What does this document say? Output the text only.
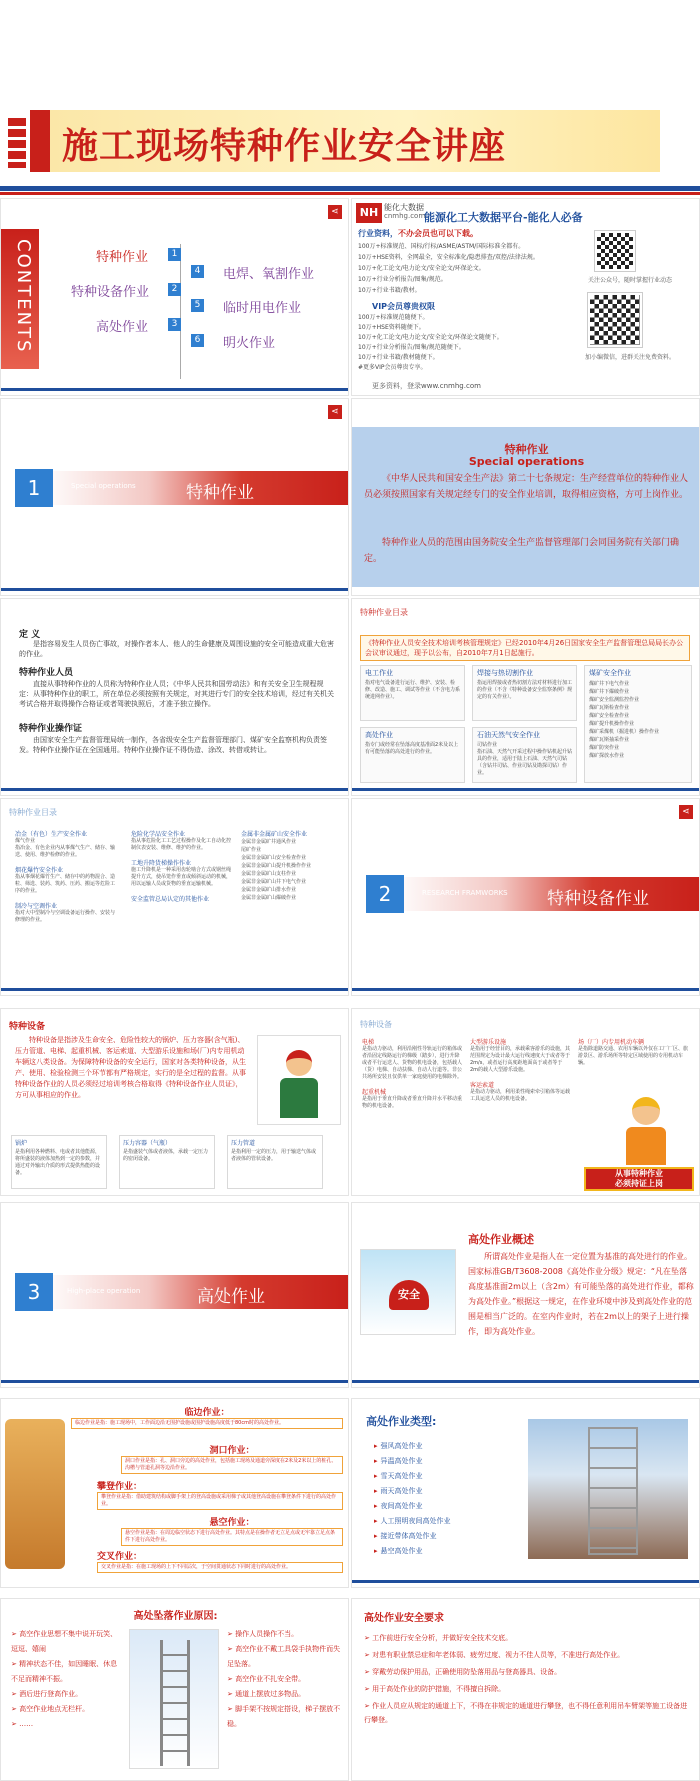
施工现场特种作业安全讲座
⋖
CONTENTS	特种作业	1
特种设备作业	2
高处作业	3
4 电焊、氧割作业
5 临时用电作业
6 明火作业
NH 能化大数据
cnmhg.com
能源化工大数据平台-能化人必备
行业资料，不办会员也可以下载。
100万+标准规范、国标/行标/ASME/ASTM/国际标准全都有。
10万+HSE资料，全网最全，安全标准化/隐患排查/双控/法律法规。
10万+化工论文/电力论文/安全论文/环保论文。
10万+行业分析报告/图集/规范。
10万+行业书籍/教材。
VIP会员尊贵权限
100万+标准规范随便下。
10万+HSE资料随便下。
10万+化工论文/电力论文/安全论文/环保论文随便下。
10万+行业分析报告/图集/规范随便下。
10万+行业书籍/教材随便下。
#更多VIP会员尊贵专享。
关注公众号，随时掌握行业动态
加小编微信，进群关注免费资料。
更多资料，登录www.cnmhg.com
⋖
1	Special operations	特种作业
特种作业
Special operations
《中华人民共和国安全生产法》第二十七条规定：生产经营单位的特种作业人员必须按照国家有关规定经专门的安全作业培训，取得相应资格，方可上岗作业。
特种作业人员的范围由国务院安全生产监督管理部门会同国务院有关部门确定。
定 义
是指容易发生人员伤亡事故，对操作者本人、他人的生命健康及周围设施的安全可能造成重大危害的作业。
特种作业人员
直接从事特种作业的人员称为特种作业人员；《中华人民共和国劳动法》和有关安全卫生规程规定：从事特种作业的职工，所在单位必须按照有关规定，对其进行专门的安全技术培训，经过有关机关考试合格并取得操作合格证或者驾驶执照后，才准予独立操作。
特种作业操作证
由国家安全生产监督管理局统一制作，各省级安全生产监督管理部门、煤矿安全监察机构负责签发。特种作业操作证在全国通用。特种作业操作证不得伪造、涂改、转借或转让。
特种作业目录
《特种作业人员安全技术培训考核管理规定》已经2010年4月26日国家安全生产监督管理总局局长办公会议审议通过，现予以公布，自2010年7月1日起施行。
电工作业
指对电气设备进行运行、维护、安装、检修、改造、施工、调试等作业（不含电力系统进网作业）。
焊接与热切割作业
指运用焊接或者热切割方法对材料进行加工的作业（不含《特种设备安全监察条例》规定的有关作业）。
煤矿安全作业
煤矿井下电气作业
煤矿井下爆破作业
煤矿安全监测监控作业
煤矿瓦斯检查作业
煤矿安全检查作业
煤矿提升机操作作业
煤矿采煤机（掘进机）操作作业
煤矿瓦斯抽采作业
煤矿防突作业
煤矿探放水作业
高处作业
指专门或经常在坠落高度基准面2米及以上有可能坠落的高处进行的作业。
石油天然气安全作业
司钻作业
指石油、天然气开采过程中操作钻机起升钻具的作业，适用于陆上石油、天然气司钻（含钻井司钻、作业司钻及勘探司钻）作业。
特种作业目录
冶金（有色）生产安全作业
煤气作业
指冶金、有色企业内从事煤气生产、储存、输送、使用、维护检修的作业。
烟花爆竹安全作业
指从事烟花爆竹生产、储存中的药物混合、造粒、筛选、装药、筑药、压药、搬运等危险工序的作业。
制冷与空调作业
指对大中型制冷与空调设备运行操作、安装与修理的作业。
危险化学品安全作业
指从事危险化工工艺过程操作及化工自动化控制仪表安装、维修、维护的作业。
工地升降货梯操作作业
施工升降机是一种采用齿轮啮合方式或钢丝绳提升方式，使吊笼作垂直或倾斜运动的机械，用以运输人员或货物的垂直运输机械。
安全监管总局认定的其他作业
金属非金属矿山安全作业
金属非金属矿井通风作业
尾矿作业
金属非金属矿山安全检查作业
金属非金属矿山提升机操作作业
金属非金属矿山支柱作业
金属非金属矿山井下电气作业
金属非金属矿山排水作业
金属非金属矿山爆破作业
⋖
2	RESEARCH FRAMWORKS 特种设备作业
特种设备
特种设备是指涉及生命安全、危险性较大的锅炉、压力容器(含气瓶)、压力管道、电梯、起重机械、客运索道、大型游乐设施和场(厂)内专用机动车辆这八类设备。为保障特种设备的安全运行，国家对各类特种设备，从生产、使用、检验检测三个环节都有严格规定，实行的是全过程的监督。从事特种设备作业的人员必须经过培训考核合格取得《特种设备作业人员证》，方可从事相应的作业。
锅炉
是指利用各种燃料、电或者其他能源，将所盛装的液体加热到一定的参数，并通过对外输出介质的形式提供热能的设备。
压力容器（气瓶）
是指盛装气体或者液体，承载一定压力的密闭设备。
压力管道
是指利用一定的压力，用于输送气体或者液体的管状设备。
特种设备
电梯
是指动力驱动，利用沿刚性导轨运行的箱体或者沿固定线路运行的梯级（踏步），进行升降或者平行运送人、货物的机电设备，包括载人（货）电梯、自动扶梯、自动人行道等。非公共场所安装且仅供单一家庭使用的电梯除外。
起重机械
是指用于垂直升降或者垂直升降并水平移动重物的机电设备。
大型游乐设施
是指用于经营目的，承载乘客游乐的设施，其范围规定为设计最大运行线速度大于或者等于2m/s，或者运行高度距地面高于或者等于2m的载人大型游乐设施。
客运索道
是指动力驱动，利用柔性绳索牵引箱体等运载工具运送人员的机电设备。
场（厂）内专用机动车辆
是指除道路交通、农用车辆以外仅在工厂厂区、旅游景区、游乐场所等特定区域使用的专用机动车辆。
从事特种作业
必须持证上岗
3	High-place operation	高处作业
高处作业概述
安全
所谓高处作业是指人在一定位置为基准的高处进行的作业。国家标准GB/T3608-2008《高处作业分级》规定：“凡在坠落高度基准面2m以上（含2m）有可能坠落的高处进行作业，都称为高处作业。”根据这一规定，在作业环境中涉及到高处作业的范围是相当广泛的。在室内作业时，若在2m以上的架子上进行操作，即为高处作业。
临边作业：
临边作业是指：施工现场中，工作面边沿无围护设施或围护设施高度低于80cm时的高处作业。
洞口作业：
洞口作业是指：孔、洞口旁边的高处作业，包括施工现场及通道旁深度在2米及2米以上的桩孔、沟槽与管道孔洞等边沿作业。
攀登作业：
攀登作业是指：借助建筑结构或脚手架上的登高设施或采用梯子或其他登高设施在攀登条件下进行的高处作业。
悬空作业：
悬空作业是指：在周边临空状态下进行高处作业。其特点是在操作者无立足点或无牢靠立足点条件下进行高处作业。
交叉作业：
交叉作业是指：在施工现场的上下不同层次，于空间贯通状态下同时进行的高处作业。
高处作业类型:
▸ 强风高处作业
▸ 异温高处作业
▸ 雪天高处作业
▸ 雨天高处作业
▸ 夜间高处作业
▸ 人工照明夜间高处作业
▸ 接近带体高处作业
▸ 悬空高处作业
高处坠落作业原因:
➢ 高空作业思想不集中说开玩笑、逗逗、嬉闹
➢ 精神状态不佳，如因睡眠、休息不足而精神不振。
➢ 酒后进行登高作业。
➢ 高空作业地点无栏杆。
➢ ……
➢ 操作人员操作不当。
➢ 高空作业不戴工具袋手执物件而失足坠落。
➢ 高空作业不扎安全带。
➢ 通道上摆放过多物品。
➢ 脚手架不按规定搭设，梯子摆放不稳。
高处作业安全要求
➢ 工作前进行安全分析，并做好安全技术交底。
➢ 对患有职业禁忌症和年老体弱、疲劳过度、视力不佳人员等，不准进行高处作业。
➢ 穿戴劳动保护用品，正确使用防坠落用品与登高器具、设备。
➢ 用于高处作业的防护措施，不得擅自拆除。
➢ 作业人员应从规定的通道上下，不得在非规定的通道进行攀登，也不得任意利用吊车臂架等施工设备进行攀登。
